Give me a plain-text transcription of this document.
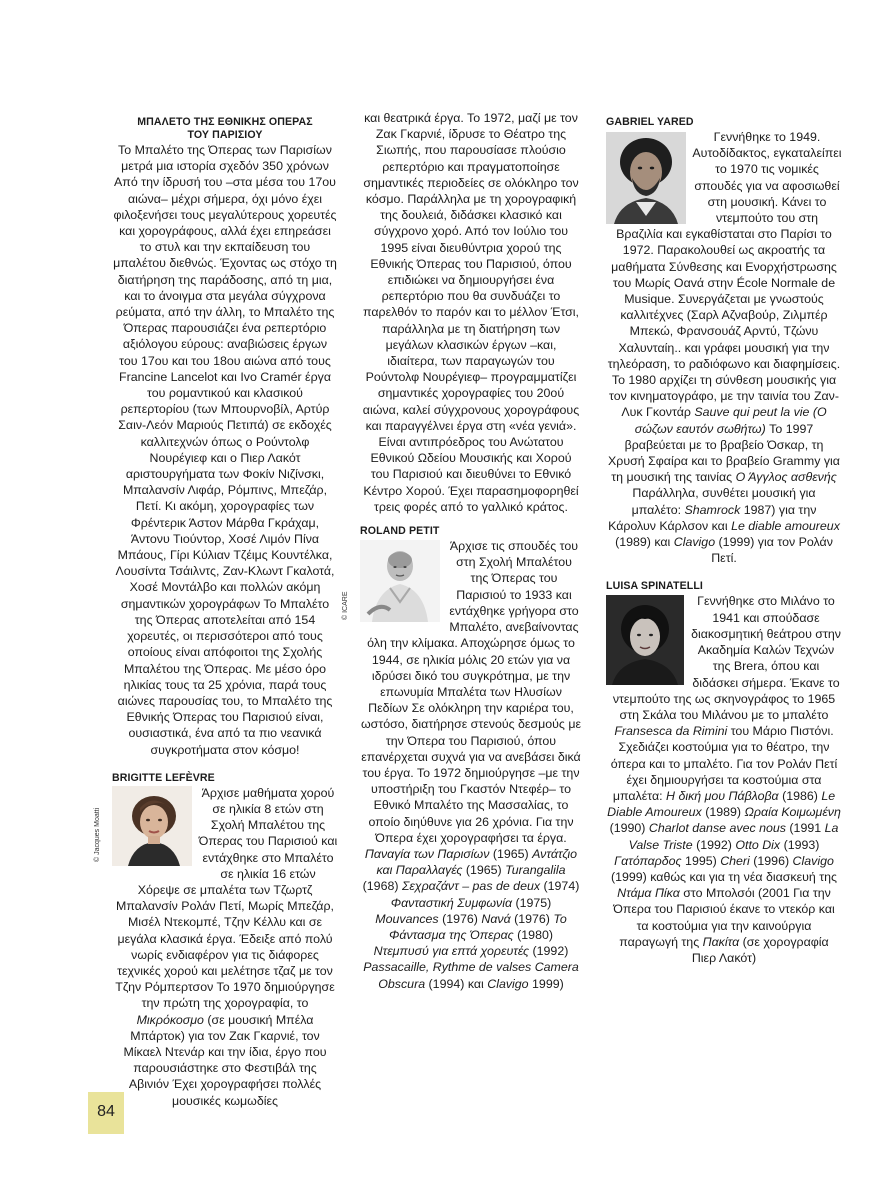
ΜΠΑΛΕΤΟ ΤΗΣ ΕΘΝΙΚΗΣ ΟΠΕΡΑΣ
ΤΟΥ ΠΑΡΙΣΙΟΥ

Το Μπαλέτο της Όπερας των Παρισίων μετρά μια ιστορία σχεδόν 350 χρόνων Από την ίδρυσή του –στα μέσα του 17ου αιώνα– μέχρι σήμερα, όχι μόνο έχει φιλοξενήσει τους μεγαλύτερους χορευτές και χορογράφους, αλλά έχει επηρεάσει το στυλ και την εκπαίδευση του μπαλέτου διεθνώς. Έχοντας ως στόχο τη διατήρηση της παράδοσης, από τη μια, και το άνοιγμα στα μεγάλα σύγχρονα ρεύματα, από την άλλη, το Μπαλέτο της Όπερας παρουσιάζει ένα ρεπερτόριο αξιόλογου εύρους: αναβιώσεις έργων του 17ου και του 18ου αιώνα από τους Francine Lancelot και Ivo Cramér έργα του ρομαντικού και κλασικού ρεπερτορίου (των Μπουρνοβίλ, Αρτύρ Σαιν-Λεόν Μαριούς Πετιπά) σε εκδοχές καλλιτεχνών όπως ο Ρούντολφ Νουρέγιεφ και ο Πιερ Λακότ αριστουργήματα των Φοκίν Νιζίνσκι, Μπαλανσίν Λιφάρ, Ρόμπινς, Μπεζάρ, Πετί. Κι ακόμη, χορογραφίες των Φρέντερικ Άστον Μάρθα Γκράχαμ, Άντονυ Τιούντορ, Χοσέ Λιμόν Πίνα Μπάους, Γίρι Κύλιαν Τζέιμς Κουντέλκα, Λουσίντα Τσάιλντς, Ζαν-Κλωντ Γκαλοτά, Χοσέ Μοντάλβο και πολλών ακόμη σημαντικών χορογράφων Το Μπαλέτο της Όπερας αποτελείται από 154 χορευτές, οι περισσότεροι από τους οποίους είναι απόφοιτοι της Σχολής Μπαλέτου της Όπερας. Με μέσο όρο ηλικίας τους τα 25 χρόνια, παρά τους αιώνες παρουσίας του, το Μπαλέτο της Εθνικής Όπερας του Παρισιού είναι, ουσιαστικά, ένα από τα πιο νεανικά συγκροτήματα στον κόσμο!

BRIGITTE LEFÈVRE
© Jacques Moatti
Άρχισε μαθήματα χορού σε ηλικία 8 ετών στη Σχολή Μπαλέτου της Όπερας του Παρισιού και εντάχθηκε στο Μπαλέτο σε ηλικία 16 ετών Χόρεψε σε μπαλέτα των Τζωρτζ Μπαλανσίν Ρολάν Πετί, Μωρίς Μπεζάρ, Μισέλ Ντεκομπέ, Τζην Κέλλυ και σε μεγάλα κλασικά έργα. Έδειξε από πολύ νωρίς ενδιαφέρον για τις διάφορες τεχνικές χορού και μελέτησε τζαζ με τον Τζην Ρόμπερτσον Το 1970 δημιούργησε την πρώτη της χορογραφία, το Μικρόκοσμο (σε μουσική Μπέλα Μπάρτοκ) για τον Ζακ Γκαρνιέ, τον Μίκαελ Ντενάρ και την ίδια, έργο που παρουσιάστηκε στο Φεστιβάλ της Αβινιόν Έχει χορογραφήσει πολλές μουσικές κωμωδίες

και θεατρικά έργα. Το 1972, μαζί με τον Ζακ Γκαρνιέ, ίδρυσε το Θέατρο της Σιωπής, που παρουσίασε πλούσιο ρεπερτόριο και πραγματοποίησε σημαντικές περιοδείες σε ολόκληρο τον κόσμο. Παράλληλα με τη χορογραφική της δουλειά, διδάσκει κλασικό και σύγχρονο χορό. Από τον Ιούλιο του 1995 είναι διευθύντρια χορού της Εθνικής Όπερας του Παρισιού, όπου επιδιώκει να δημιουργήσει ένα ρεπερτόριο που θα συνδυάζει το παρελθόν το παρόν και το μέλλον Έτσι, παράλληλα με τη διατήρηση των μεγάλων κλασικών έργων –και, ιδιαίτερα, των παραγωγών του Ρούντολφ Νουρέγιεφ– προγραμματίζει σημαντικές χορογραφίες του 20ού αιώνα, καλεί σύγχρονους χορογράφους και παραγγέλνει έργα στη «νέα γενιά». Είναι αντιπρόεδρος του Ανώτατου Εθνικού Ωδείου Μουσικής και Χορού του Παρισιού και διευθύνει το Εθνικό Κέντρο Χορού. Έχει παρασημοφορηθεί τρεις φορές από το γαλλικό κράτος.

ROLAND PETIT
© ICARE
Άρχισε τις σπουδές του στη Σχολή Μπαλέτου της Όπερας του Παρισιού το 1933 και εντάχθηκε γρήγορα στο Μπαλέτο, ανεβαίνοντας όλη την κλίμακα. Αποχώρησε όμως το 1944, σε ηλικία μόλις 20 ετών για να ιδρύσει δικό του συγκρότημα, με την επωνυμία Μπαλέτα των Ηλυσίων Πεδίων Σε ολόκληρη την καριέρα του, ωστόσο, διατήρησε στενούς δεσμούς με την Όπερα του Παρισιού, όπου επανέρχεται συχνά για να ανεβάσει δικά του έργα. Το 1972 δημιούργησε –με την υποστήριξη του Γκαστόν Ντεφέρ– το Εθνικό Μπαλέτο της Μασσαλίας, το οποίο διηύθυνε για 26 χρόνια. Για την Όπερα έχει χορογραφήσει τα έργα. Παναγία των Παρισίων (1965) Αντάτζιο και Παραλλαγές (1965) Turangalila (1968) Σεχραζάντ – pas de deux (1974) Φανταστική Συμφωνία (1975) Mouvances (1976) Νανά (1976) Το Φάντασμα της Όπερας (1980) Ντεμπυσύ για επτά χορευτές (1992) Passacaille, Rythme de valses Camera Obscura (1994) και Clavigo 1999)
GABRIEL YARED
Γεννήθηκε το 1949. Αυτοδίδακτος, εγκαταλείπει το 1970 τις νομικές σπουδές για να αφοσιωθεί στη μουσική. Κάνει το ντεμπούτο του στη Βραζιλία και εγκαθίσταται στο Παρίσι το 1972. Παρακολουθεί ως ακροατής τα μαθήματα Σύνθεσης και Ενορχήστρωσης του Μωρίς Οαvά στην École Normale de Musique. Συνεργάζεται με γνωστούς καλλιτέχνες (Σαρλ Αζναβούρ, Ζιλμπέρ Μπεκώ, Φρανσουάζ Αρντύ, Τζώνυ Χαλυνταίη.. και γράφει μουσική για την τηλεόραση, το ραδιόφωνο και διαφημίσεις. Το 1980 αρχίζει τη σύνθεση μουσικής για τον κινηματογράφο, με την ταινία του Ζαν-Λυκ Γκοντάρ Sauve qui peut la vie (Ο σώζων εαυτόν σωθήτω) Το 1997 βραβεύεται με το βραβείο Όσκαρ, τη Χρυσή Σφαίρα και το βραβείο Grammy για τη μουσική της ταινίας Ο Άγγλος ασθενής Παράλληλα, συνθέτει μουσική για μπαλέτο: Shamrock 1987) για την Κάρολυν Κάρλσον και Le diable amoureux (1989) και Clavigo (1999) για τον Ρολάν Πετί.
LUISA SPINATELLI
Γεννήθηκε στο Μιλάνο το 1941 και σπούδασε διακοσμητική θεάτρου στην Ακαδημία Καλών Τεχνών της Brera, όπου και διδάσκει σήμερα. Έκανε το ντεμπούτο της ως σκηνογράφος το 1965 στη Σκάλα του Μιλάνου με το μπαλέτο Fransesca da Rimini του Μάριο Πιστόνι. Σχεδιάζει κοστούμια για το θέατρο, την όπερα και το μπαλέτο. Για τον Ρολάν Πετί έχει δημιουργήσει τα κοστούμια στα μπαλέτα: Η δική μου Πάβλοβα (1986) Le Diable Amoureux (1989) Ωραία Κοιμωμένη (1990) Charlot danse avec nous (1991 La Valse Triste (1992) Otto Dix (1993) Γατόπαρδος 1995) Cheri (1996) Clavigo (1999) καθώς και για τη νέα διασκευή της Ντάμα Πίκα στο Μπολσόι (2001 Για την Όπερα του Παρισιού έκανε το ντεκόρ και τα κοστούμια για την καινούργια παραγωγή της Πακίτα (σε χορογραφία Πιερ Λακότ)
84
